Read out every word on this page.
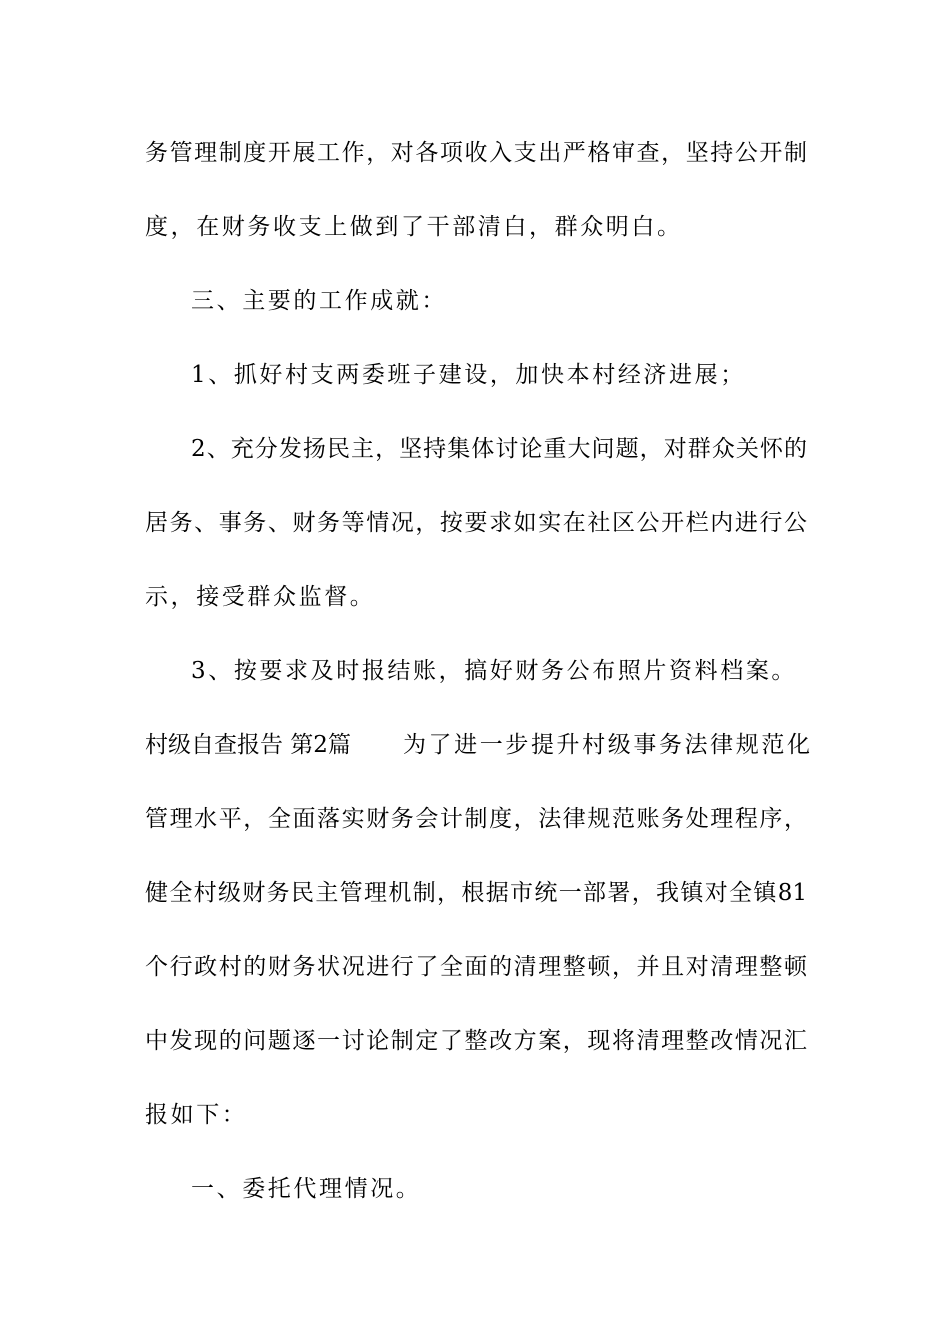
务管理制度开展工作，对各项收入支出严格审查，坚持公开制
度，在财务收支上做到了干部清白，群众明白。
三、主要的工作成就：
1、抓好村支两委班子建设，加快本村经济进展；
2、充分发扬民主，坚持集体讨论重大问题，对群众关怀的
居务、事务、财务等情况，按要求如实在社区公开栏内进行公
示，接受群众监督。
3、按要求及时报结账，搞好财务公布照片资料档案。
村级自查报告 第2篇 为了进一步提升村级事务法律规范化
管理水平，全面落实财务会计制度，法律规范账务处理程序，
健全村级财务民主管理机制，根据市统一部署，我镇对全镇81
个行政村的财务状况进行了全面的清理整顿，并且对清理整顿
中发现的问题逐一讨论制定了整改方案，现将清理整改情况汇
报如下：
一、委托代理情况。
